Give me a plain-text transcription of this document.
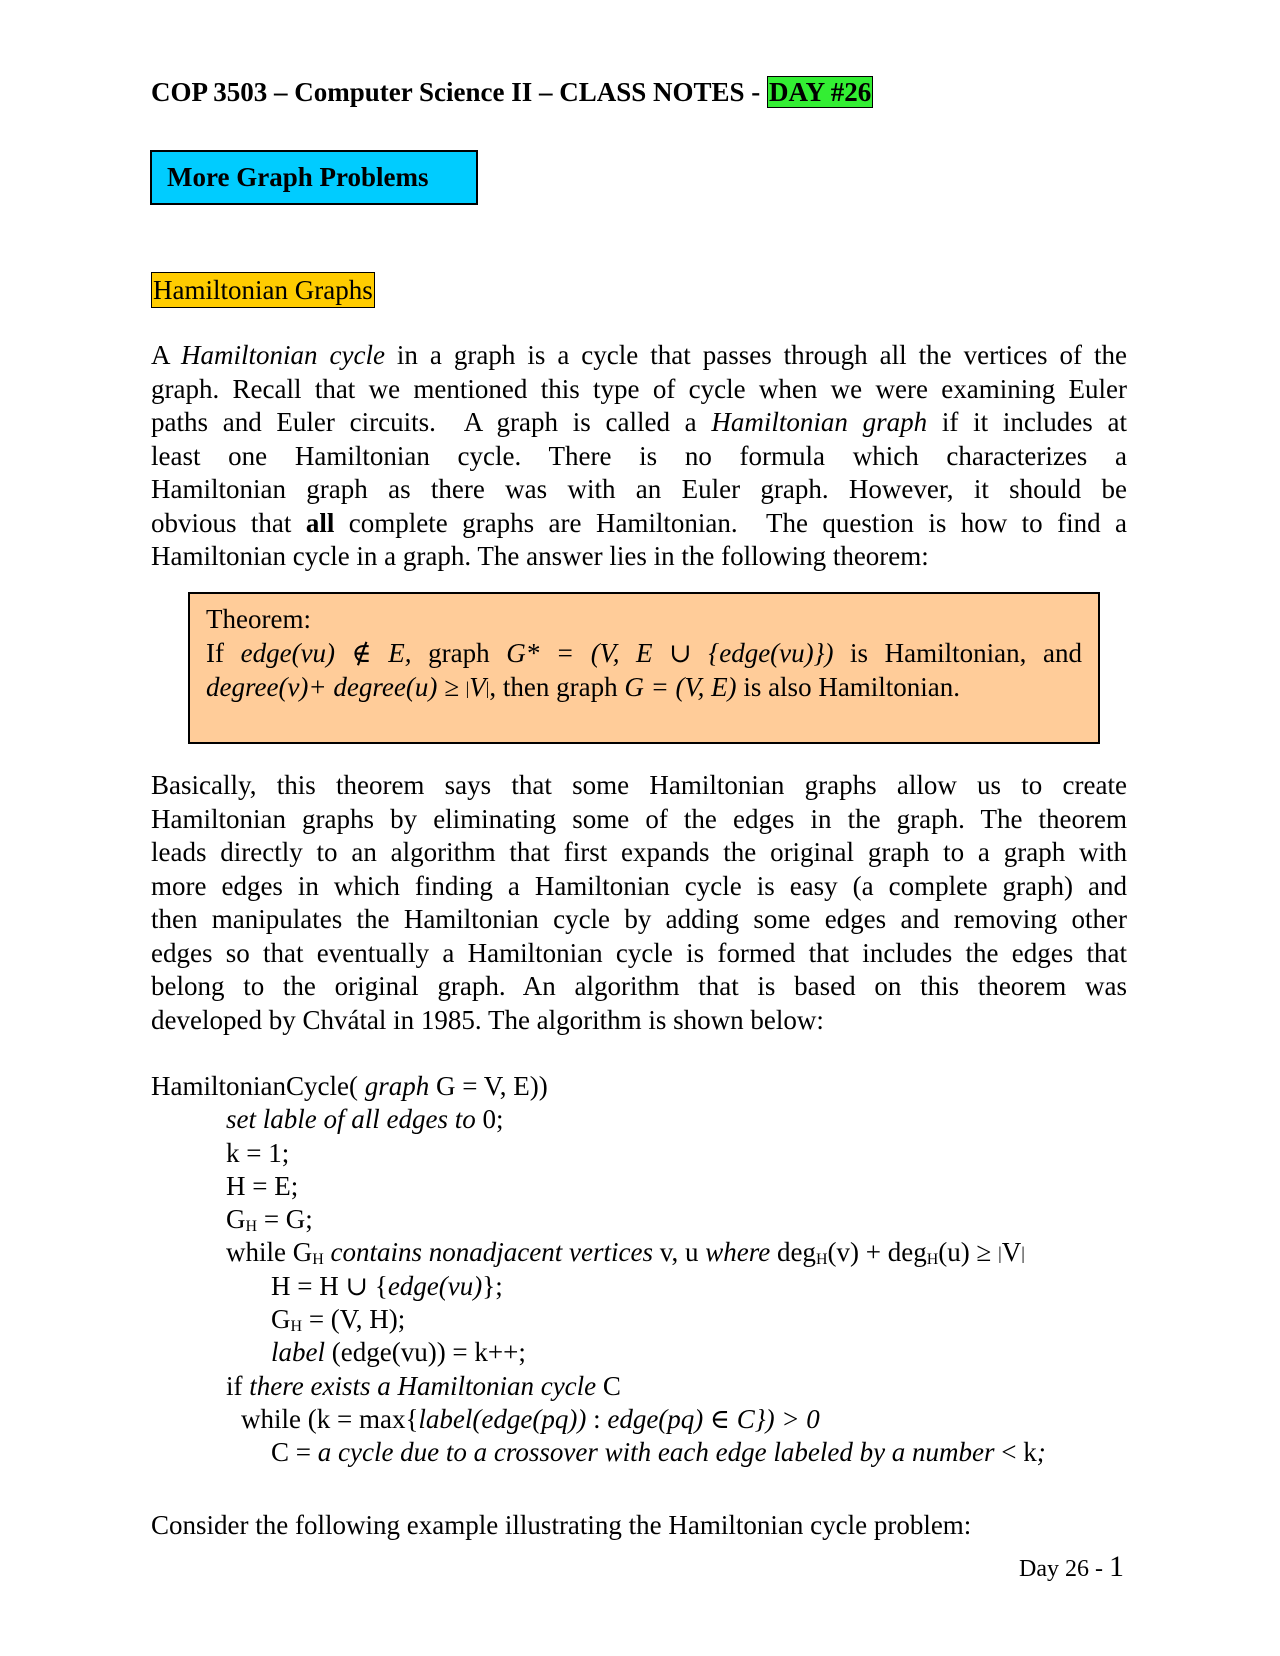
COP 3503 – Computer Science II – CLASS NOTES - DAY #26
More Graph Problems
Hamiltonian Graphs
A Hamiltonian cycle in a graph is a cycle that passes through all the vertices of the
graph. Recall that we mentioned this type of cycle when we were examining Euler
paths and Euler circuits.  A graph is called a Hamiltonian graph if it includes at
least one Hamiltonian cycle. There is no formula which characterizes a
Hamiltonian graph as there was with an Euler graph. However, it should be
obvious that all complete graphs are Hamiltonian.  The question is how to find a
Hamiltonian cycle in a graph. The answer lies in the following theorem:
Theorem:
If edge(vu) ∉ E, graph G* = (V, E ∪ {edge(vu)}) is Hamiltonian, and
degree(v)+ degree(u) ≥ |V|, then graph G = (V, E) is also Hamiltonian.
Basically, this theorem says that some Hamiltonian graphs allow us to create
Hamiltonian graphs by eliminating some of the edges in the graph. The theorem
leads directly to an algorithm that first expands the original graph to a graph with
more edges in which finding a Hamiltonian cycle is easy (a complete graph) and
then manipulates the Hamiltonian cycle by adding some edges and removing other
edges so that eventually a Hamiltonian cycle is formed that includes the edges that
belong to the original graph. An algorithm that is based on this theorem was
developed by Chvátal in 1985. The algorithm is shown below:
HamiltonianCycle( graph G = V, E))
set lable of all edges to 0;
k = 1;
H = E;
$G_H = G$;
while $G_H$ contains nonadjacent vertices v, u where deg$_H$(v) + deg$_H$(u) ≥ |V|
H = H ∪ {edge(vu)};
$G_H = (V$, H);
label (edge(vu)) = k++;
if there exists a Hamiltonian cycle C
while (k = max{label(edge(pq)) : edge(pq) ∈ C}) > 0
C = a cycle due to a crossover with each edge labeled by a number < k;
Consider the following example illustrating the Hamiltonian cycle problem:
Day 26 - 1
